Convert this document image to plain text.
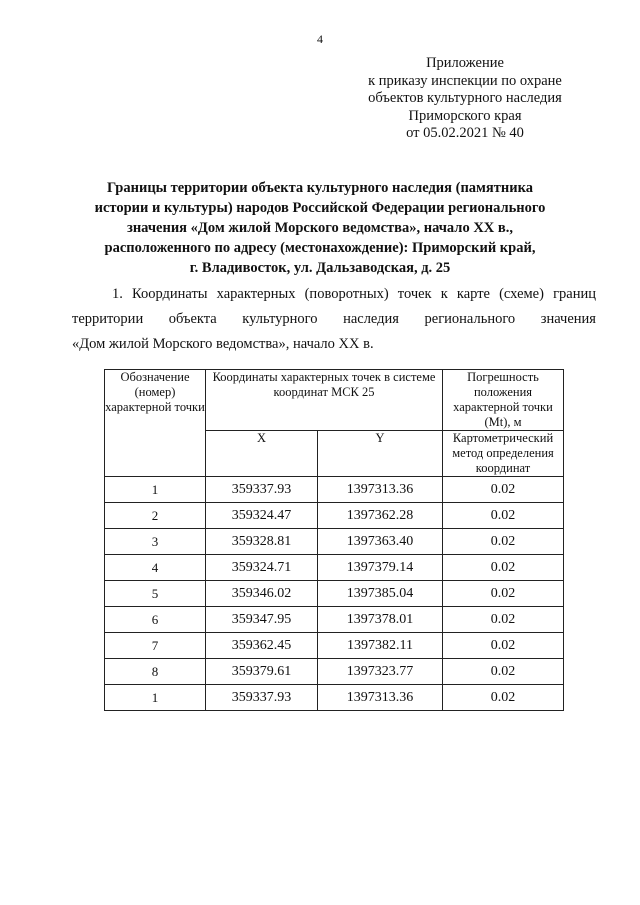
4
Приложение
к приказу инспекции по охране
объектов культурного наследия
Приморского края
от 05.02.2021 № 40
Границы территории объекта культурного наследия (памятника
истории и культуры) народов Российской Федерации регионального
значения «Дом жилой Морского ведомства», начало XX в.,
расположенного по адресу (местонахождение): Приморский край,
г. Владивосток, ул. Дальзаводская, д. 25
1. Координаты характерных (поворотных) точек к карте (схеме) границ
территории объекта культурного наследия регионального значения
«Дом жилой Морского ведомства», начало XX в.
Обозначение (номер) характерной точки	Координаты характерных точек в системе координат МСК 25		Погрешность положения характерной точки (Mt), м
	X	Y	Картометрический метод определения координат
1	359337.93	1397313.36	0.02
2	359324.47	1397362.28	0.02
3	359328.81	1397363.40	0.02
4	359324.71	1397379.14	0.02
5	359346.02	1397385.04	0.02
6	359347.95	1397378.01	0.02
7	359362.45	1397382.11	0.02
8	359379.61	1397323.77	0.02
1	359337.93	1397313.36	0.02
